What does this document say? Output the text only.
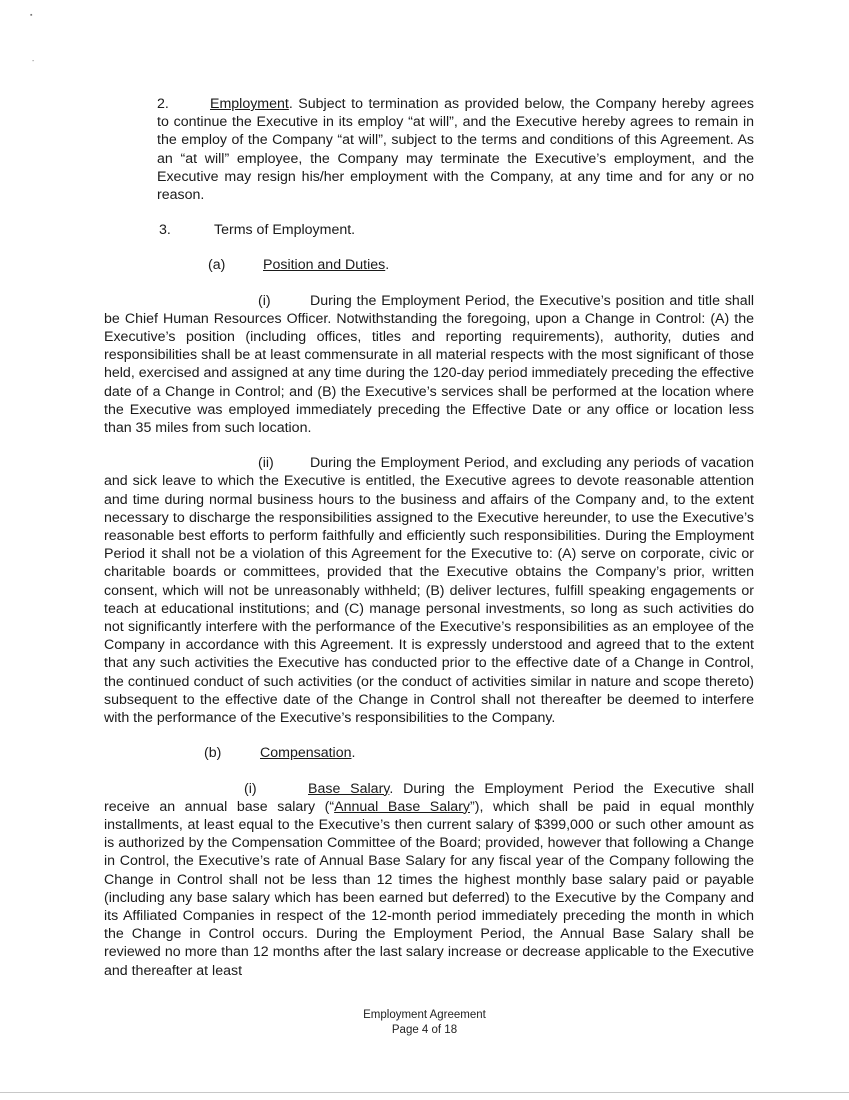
▪
-

2.	Employment. Subject to termination as provided below, the Company hereby agrees to continue the Executive in its employ “at will”, and the Executive hereby agrees to remain in the employ of the Company “at will”, subject to the terms and conditions of this Agreement. As an “at will” employee, the Company may terminate the Executive’s employment, and the Executive may resign his/her employment with the Company, at any time and for any or no reason.

3.	Terms of Employment.

(a)	Position and Duties.

(i)	During the Employment Period, the Executive’s position and title shall be Chief Human Resources Officer. Notwithstanding the foregoing, upon a Change in Control: (A) the Executive’s position (including offices, titles and reporting requirements), authority, duties and responsibilities shall be at least commensurate in all material respects with the most significant of those held, exercised and assigned at any time during the 120-day period immediately preceding the effective date of a Change in Control; and (B) the Executive’s services shall be performed at the location where the Executive was employed immediately preceding the Effective Date or any office or location less than 35 miles from such location.

(ii)	During the Employment Period, and excluding any periods of vacation and sick leave to which the Executive is entitled, the Executive agrees to devote reasonable attention and time during normal business hours to the business and affairs of the Company and, to the extent necessary to discharge the responsibilities assigned to the Executive hereunder, to use the Executive’s reasonable best efforts to perform faithfully and efficiently such responsibilities. During the Employment Period it shall not be a violation of this Agreement for the Executive to: (A) serve on corporate, civic or charitable boards or committees, provided that the Executive obtains the Company’s prior, written consent, which will not be unreasonably withheld; (B) deliver lectures, fulfill speaking engagements or teach at educational institutions; and (C) manage personal investments, so long as such activities do not significantly interfere with the performance of the Executive’s responsibilities as an employee of the Company in accordance with this Agreement. It is expressly understood and agreed that to the extent that any such activities the Executive has conducted prior to the effective date of a Change in Control, the continued conduct of such activities (or the conduct of activities similar in nature and scope thereto) subsequent to the effective date of the Change in Control shall not thereafter be deemed to interfere with the performance of the Executive’s responsibilities to the Company.

(b)	Compensation.

(i)	Base Salary. During the Employment Period the Executive shall receive an annual base salary (“Annual Base Salary”), which shall be paid in equal monthly installments, at least equal to the Executive’s then current salary of $399,000 or such other amount as is authorized by the Compensation Committee of the Board; provided, however that following a Change in Control, the Executive’s rate of Annual Base Salary for any fiscal year of the Company following the Change in Control shall not be less than 12 times the highest monthly base salary paid or payable (including any base salary which has been earned but deferred) to the Executive by the Company and its Affiliated Companies in respect of the 12-month period immediately preceding the month in which the Change in Control occurs. During the Employment Period, the Annual Base Salary shall be reviewed no more than 12 months after the last salary increase or decrease applicable to the Executive and thereafter at least

Employment Agreement
Page 4 of 18
